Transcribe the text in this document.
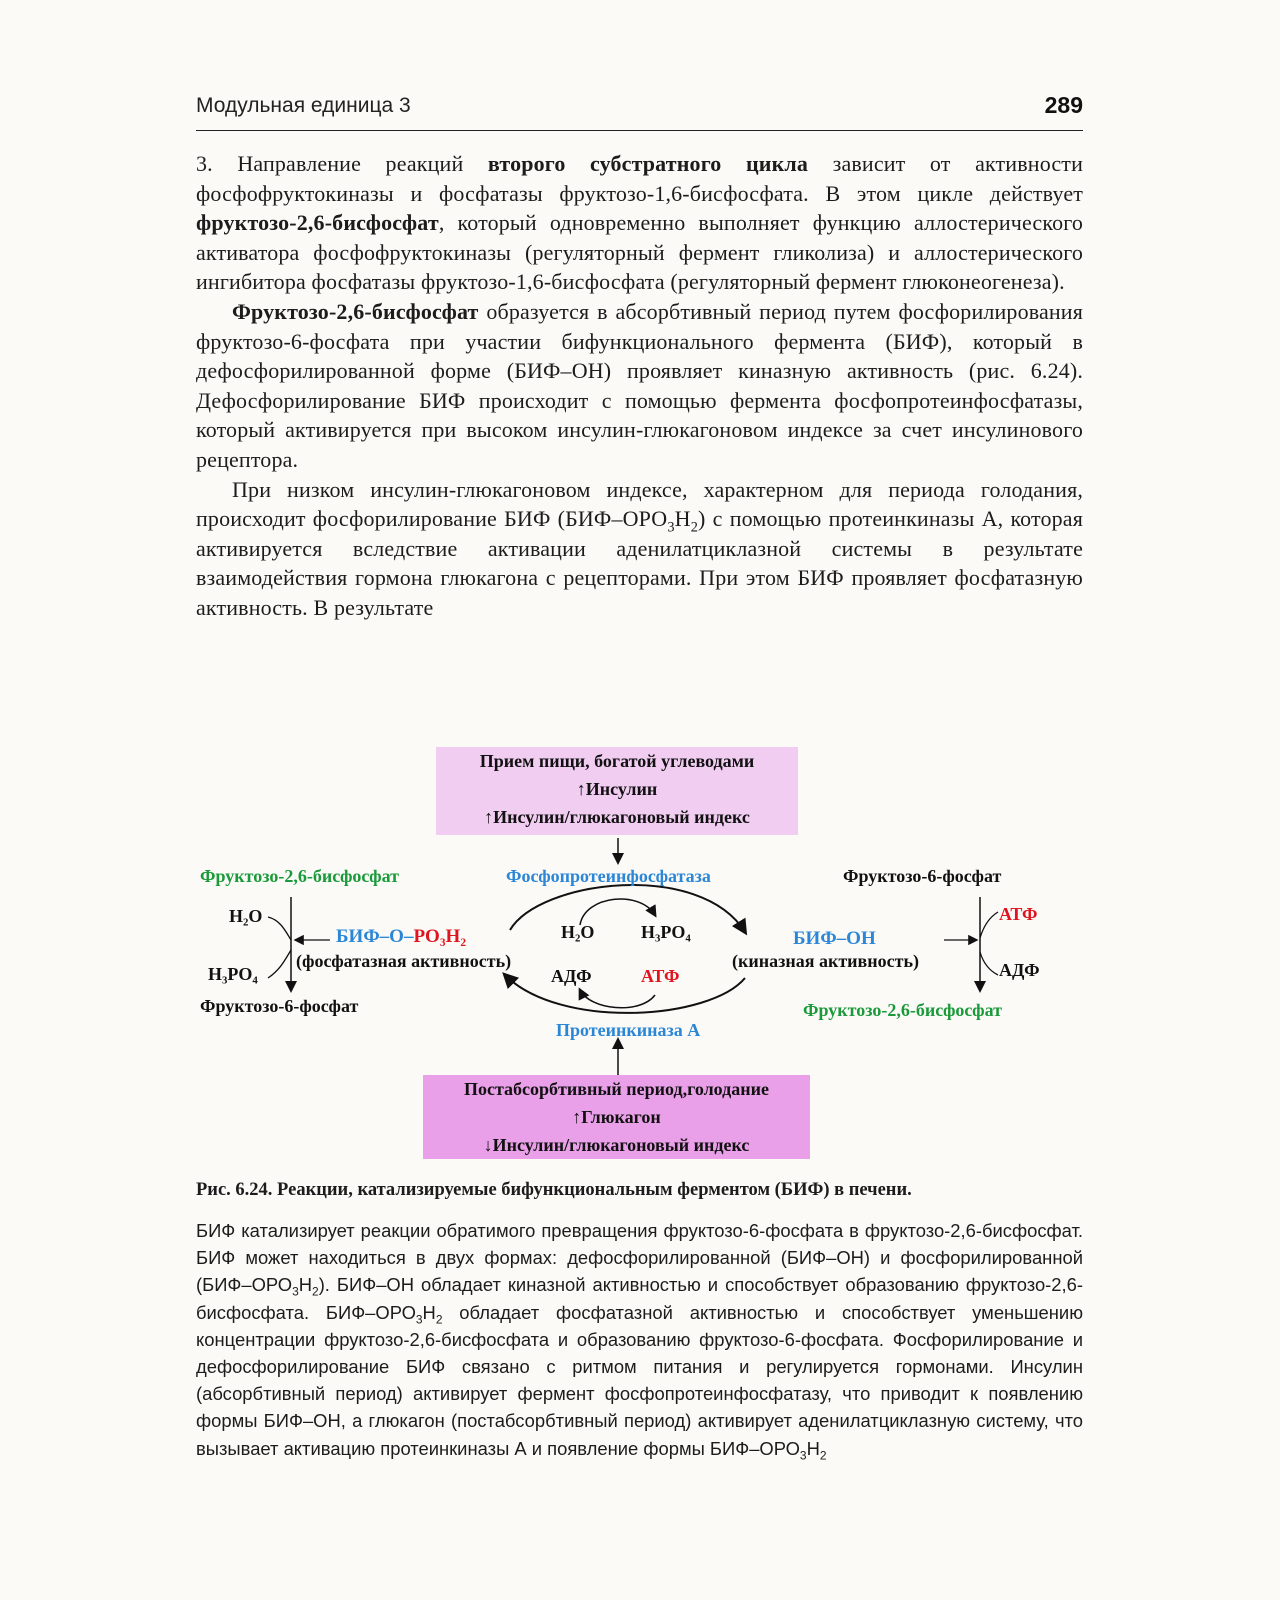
Модульная единица 3	289

3. Направление реакций второго субстратного цикла зависит от активности фосфофруктокиназы и фосфатазы фруктозо-1,6-бисфосфата. В этом цикле действует фруктозо-2,6-бисфосфат, который одновременно выполняет функцию аллостерического активатора фосфофруктокиназы (регуляторный фермент гликолиза) и аллостерического ингибитора фосфатазы фруктозо-1,6-бисфосфата (регуляторный фермент глюконеогенеза).

Фруктозо-2,6-бисфосфат образуется в абсорбтивный период путем фосфорилирования фруктозо-6-фосфата при участии бифункционального фермента (БИФ), который в дефосфорилированной форме (БИФ–ОН) проявляет киназную активность (рис. 6.24). Дефосфорилирование БИФ происходит с помощью фермента фосфопротеинфосфатазы, который активируется при высоком инсулин-глюкагоновом индексе за счет инсулинового рецептора.

При низком инсулин-глюкагоновом индексе, характерном для периода голодания, происходит фосфорилирование БИФ $(БИФ-ОРО_3Н_2)$ с помощью протеинкиназы А, которая активируется вследствие активации аденилатциклазной системы в результате взаимодействия гормона глюкагона с рецепторами. При этом БИФ проявляет фосфатазную активность. В результате

Прием пищи, богатой углеводами
↑Инсулин
↑Инсулин/глюкагоновый индекс
Постабсорбтивный период,голодание
↑Глюкагон
↓Инсулин/глюкагоновый индекс
Фруктозо-2,6-бисфосфат
Фруктозо-6-фосфат
H₂O
H₃PO₄
БИФ–О–PO₃H₂
(фосфатазная активность)
Фосфопротеинфосфатаза
Протеинкиназа А
H₂O	H₃PO₄
АДФ	АТФ
БИФ–ОН
(киназная активность)
Фруктозо-6-фосфат
Фруктозо-2,6-бисфосфат
АТФ
АДФ
Рис. 6.24. Реакции, катализируемые бифункциональным ферментом (БИФ) в печени.

БИФ катализирует реакции обратимого превращения фруктозо-6-фосфата в фруктозо-2,6-бисфосфат. БИФ может находиться в двух формах: дефосфорилированной (БИФ–ОН) и фосфорилированной $(БИФ-ОРО_3Н_2)$. БИФ–ОН обладает киназной активностью и способствует образованию фруктозо-2,6-бисфосфата. БИФ–$ОРО_3Н_2$ обладает фосфатазной активностью и способствует уменьшению концентрации фруктозо-2,6-бисфосфата и образованию фруктозо-6-фосфата. Фосфорилирование и дефосфорилирование БИФ связано с ритмом питания и регулируется гормонами. Инсулин (абсорбтивный период) активирует фермент фосфопротеинфосфатазу, что приводит к появлению формы БИФ–ОН, а глюкагон (постабсорбтивный период) активирует аденилатциклазную систему, что вызывает активацию протеинкиназы А и появление формы БИФ–$ОРО_3Н_2$
